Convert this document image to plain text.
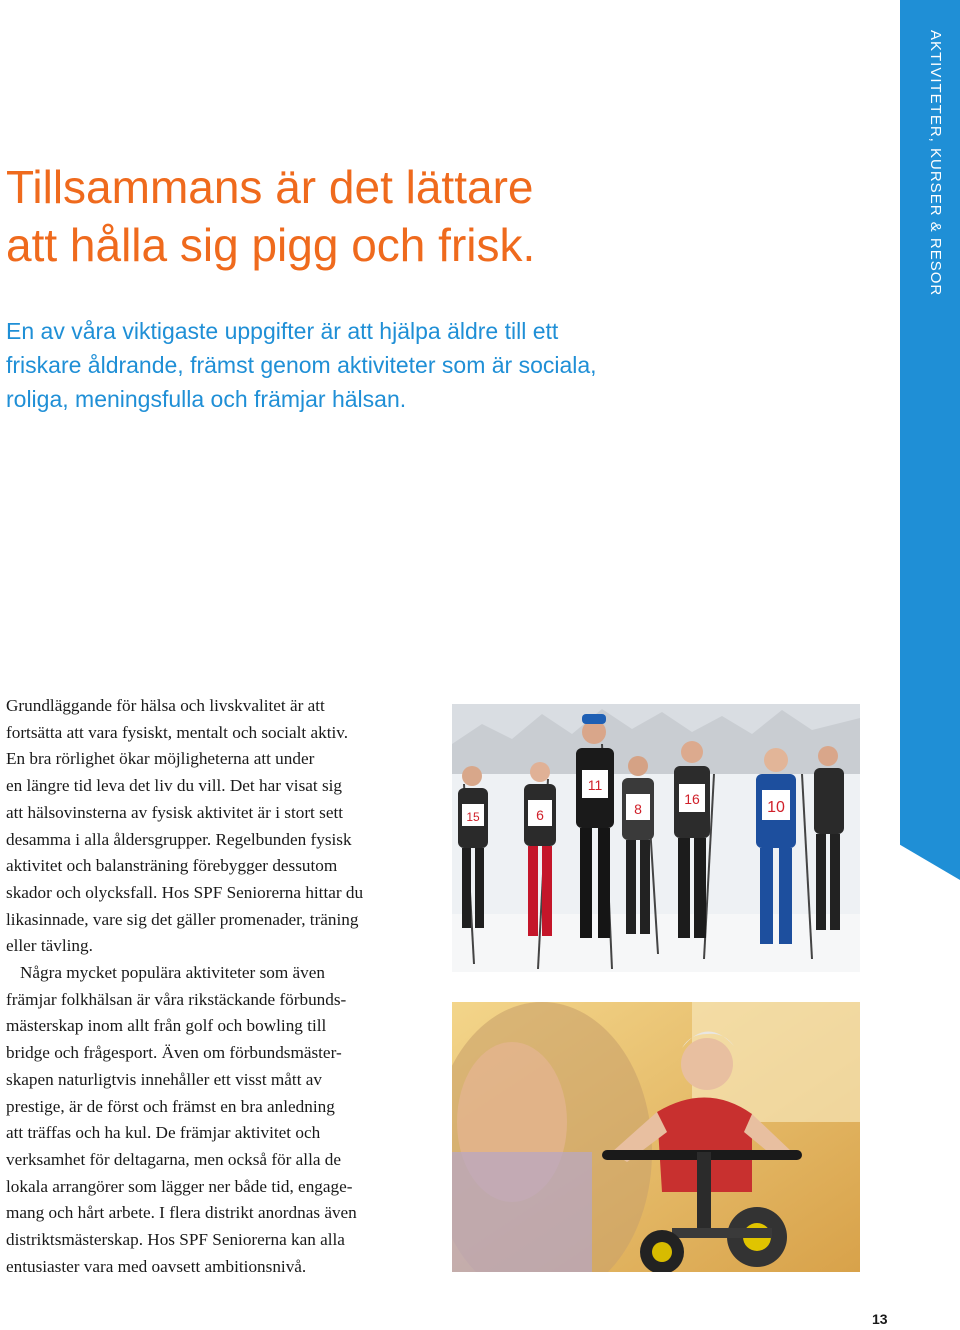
AKTIVITETER, KURSER & RESOR
Tillsammans är det lättare
att hålla sig pigg och frisk.

En av våra viktigaste uppgifter är att hjälpa äldre till ett
friskare åldrande, främst genom aktiviteter som är sociala,
roliga, meningsfulla och främjar hälsan.

Grundläggande för hälsa och livskvalitet är att
fortsätta att vara fysiskt, mentalt och socialt aktiv.
En bra rörlighet ökar möjligheterna att under
en längre tid leva det liv du vill. Det har visat sig
att hälsovinsterna av fysisk aktivitet är i stort sett
desamma i alla åldersgrupper. Regelbunden fysisk
aktivitet och balansträning förebygger dessutom
skador och olycksfall. Hos SPF Seniorerna hittar du
likasinnade, vare sig det gäller promenader, träning
eller tävling.
Några mycket populära aktiviteter som även
främjar folkhälsan är våra rikstäckande förbunds-
mästerskap inom allt från golf och bowling till
bridge och frågesport. Även om förbundsmäster-
skapen naturligtvis innehåller ett visst mått av
prestige, är de först och främst en bra anledning
att träffas och ha kul. De främjar aktivitet och
verksamhet för deltagarna, men också för alla de
lokala arrangörer som lägger ner både tid, engage-
mang och hårt arbete. I flera distrikt anordnas även
distriktsmästerskap. Hos SPF Seniorerna kan alla
entusiaster vara med oavsett ambitionsnivå.
15	6
11
8
16	10
13
